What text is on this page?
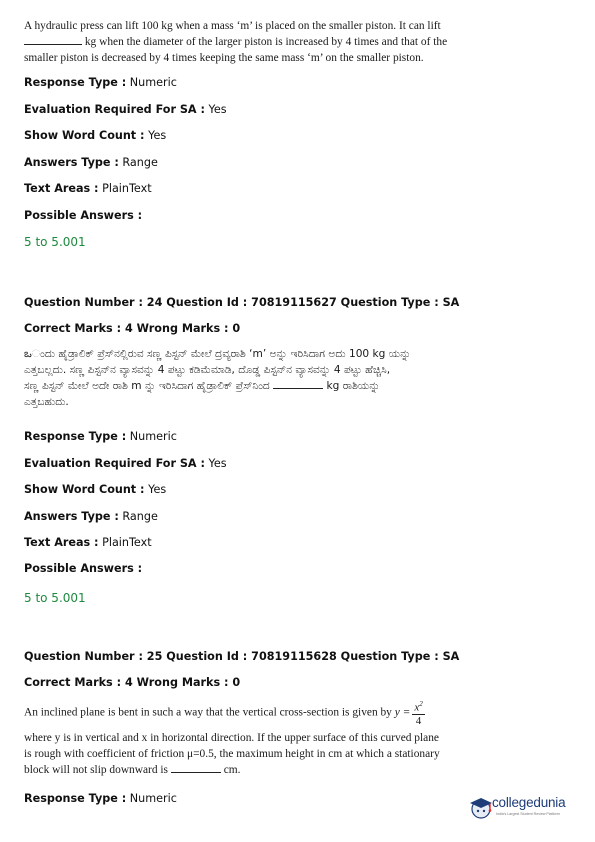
A hydraulic press can lift 100 kg when a mass ‘m’ is placed on the smaller piston. It can lift
kg when the diameter of the larger piston is increased by 4 times and that of the
smaller piston is decreased by 4 times keeping the same mass ‘m’ on the smaller piston.
Response Type : Numeric
Evaluation Required For SA : Yes
Show Word Count : Yes
Answers Type : Range
Text Areas : PlainText
Possible Answers :
5 to 5.001
Question Number : 24 Question Id : 70819115627 Question Type : SA
Correct Marks : 4 Wrong Marks : 0
ఒಂದು ಹೈಡ್ರಾಲಿಕ್ ಪ್ರೆಸ್‌ನಲ್ಲಿರುವ ಸಣ್ಣ ಪಿಸ್ಟನ್ ಮೇಲೆ ದ್ರವ್ಯರಾಶಿ ‘m’ ಅನ್ನು ಇರಿಸಿದಾಗ ಅದು 100 kg ಯನ್ನು
ಎತ್ತಬಲ್ಲದು. ಸಣ್ಣ ಪಿಸ್ಟನ್‌ನ ವ್ಯಾಸವನ್ನು 4 ಪಟ್ಟು ಕಡಿಮೆಮಾಡಿ, ದೊಡ್ಡ ಪಿಸ್ಟನ್‌ನ ವ್ಯಾಸವನ್ನು 4 ಪಟ್ಟು ಹೆಚ್ಚಿಸಿ,
ಸಣ್ಣ ಪಿಸ್ಟನ್ ಮೇಲೆ ಅದೇ ರಾಶಿ m ನ್ನು ಇರಿಸಿದಾಗ ಹೈಡ್ರಾಲಿಕ್ ಪ್ರೆಸ್‌ನಿಂದ	kg ರಾಶಿಯನ್ನು
ಎತ್ತಬಹುದು.
Response Type : Numeric
Evaluation Required For SA : Yes
Show Word Count : Yes
Answers Type : Range
Text Areas : PlainText
Possible Answers :
5 to 5.001
Question Number : 25 Question Id : 70819115628 Question Type : SA
Correct Marks : 4 Wrong Marks : 0
An inclined plane is bent in such a way that the vertical cross-section is given by $y = \frac{x^2}{4}$
where y is in vertical and x in horizontal direction. If the upper surface of this curved plane
is rough with coefficient of friction μ=0.5, the maximum height in cm at which a stationary
block will not slip downward is	cm.
Response Type : Numeric	collegedunia
India's Largest Student Review Platform
